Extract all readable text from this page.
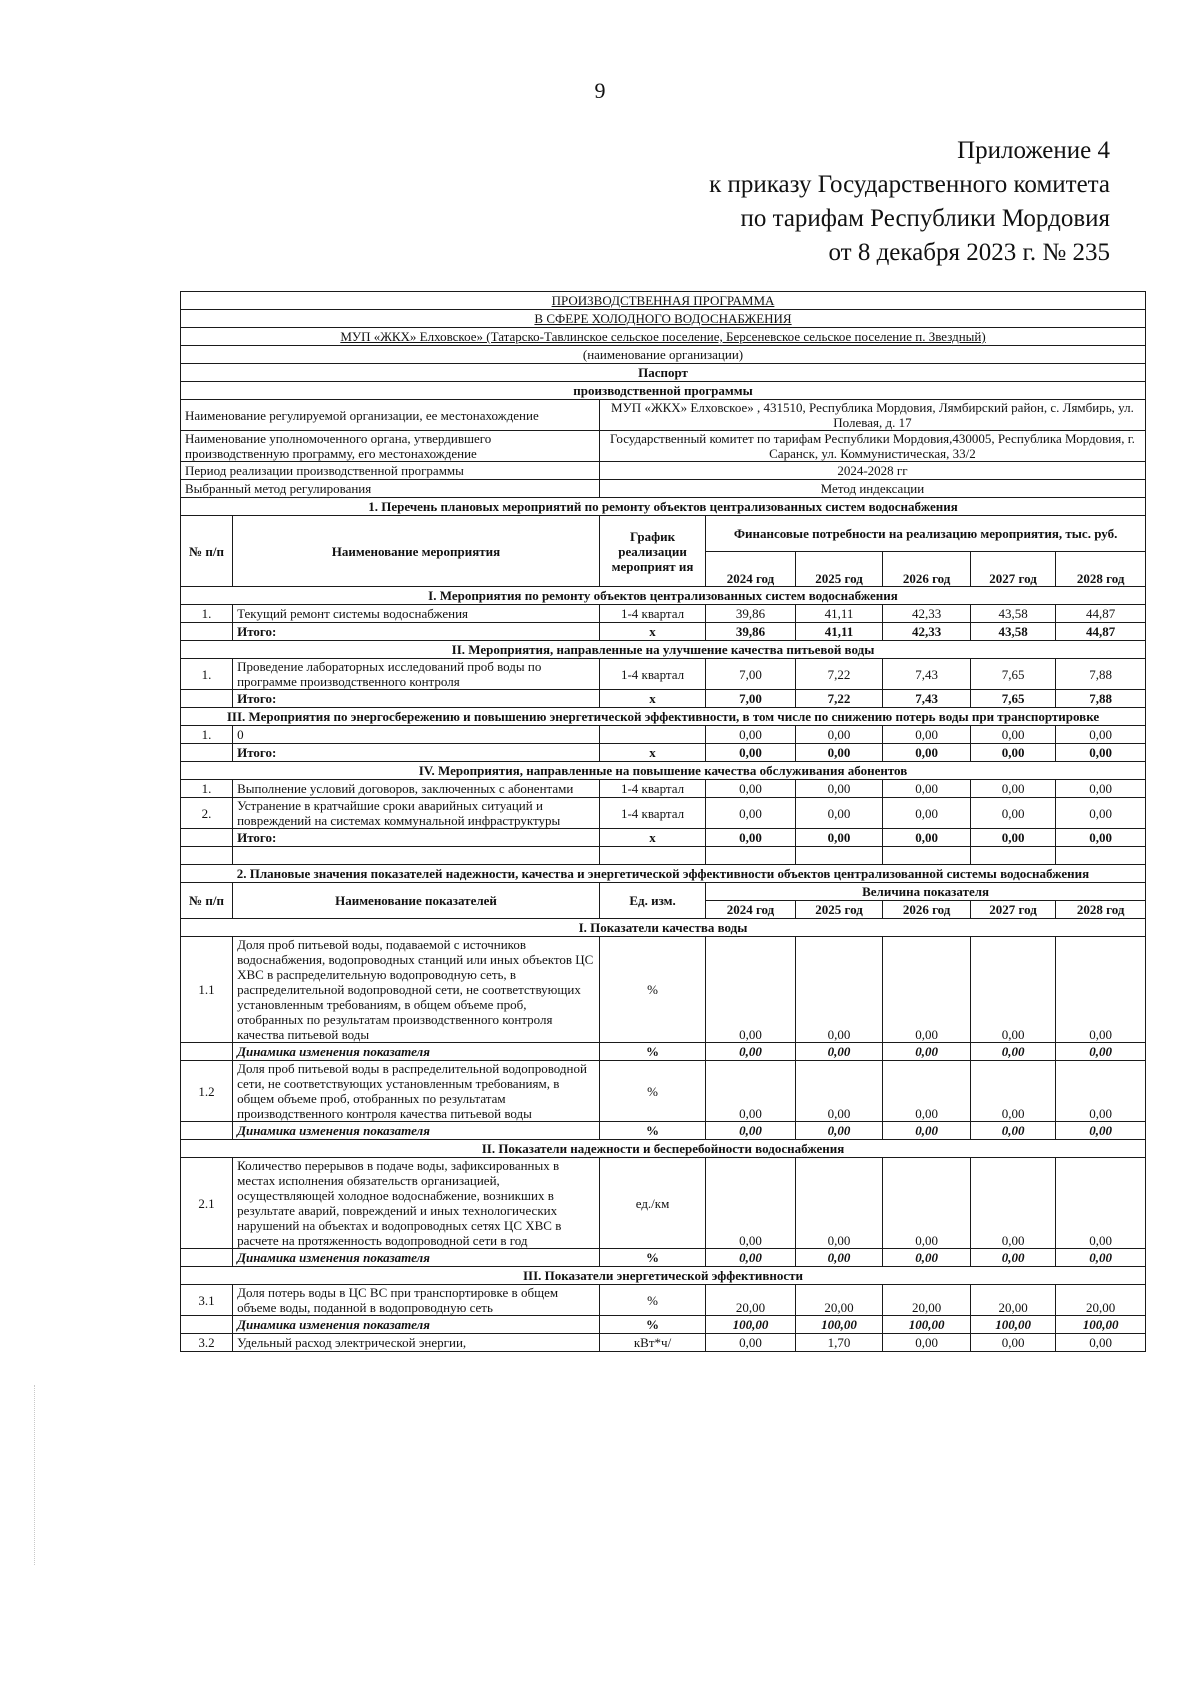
9
Приложение 4
к приказу Государственного комитета
по тарифам Республики Мордовия
от 8 декабря 2023 г. № 235
ПРОИЗВОДСТВЕННАЯ ПРОГРАММА							
В СФЕРЕ ХОЛОДНОГО ВОДОСНАБЖЕНИЯ							
МУП «ЖКХ» Елховское» (Татарско-Тавлинское сельское поселение, Берсеневское сельское поселение п. Звездный)							
(наименование организации)							
Паспорт							
производственной программы							
Наименование регулируемой организации, ее местонахождение		МУП «ЖКХ» Елховское» , 431510, Республика Мордовия, Лямбирский район, с. Лямбирь, ул. Полевая, д. 17					
Наименование уполномоченного органа, утвердившего производственную программу, его местонахождение		Государственный комитет по тарифам Республики Мордовия,430005, Республика Мордовия, г. Саранск, ул. Коммунистическая, 33/2					
Период реализации производственной программы		2024-2028 гг					
Выбранный метод регулирования		Метод индексации					
1. Перечень плановых мероприятий по ремонту объектов централизованных систем водоснабжения							
№ п/п	Наименование мероприятия	График реализации мероприят ия	Финансовые потребности на реализацию мероприятия, тыс. руб.				
			2024 год	2025 год	2026 год	2027 год	2028 год
I. Мероприятия по ремонту объектов централизованных систем водоснабжения							
1.	Текущий ремонт системы водоснабжения	1-4 квартал	39,86	41,11	42,33	43,58	44,87
	Итого:	x	39,86	41,11	42,33	43,58	44,87
II. Мероприятия, направленные на улучшение качества питьевой воды							
1.	Проведение лабораторных исследований проб воды по программе производственного контроля	1-4 квартал	7,00	7,22	7,43	7,65	7,88
	Итого:	x	7,00	7,22	7,43	7,65	7,88
III. Мероприятия по энергосбережению и повышению энергетической эффективности, в том числе по снижению потерь воды при транспортировке							
1.	0		0,00	0,00	0,00	0,00	0,00
	Итого:	x	0,00	0,00	0,00	0,00	0,00
IV. Мероприятия, направленные на повышение качества обслуживания абонентов							
1.	Выполнение условий договоров, заключенных с абонентами	1-4 квартал	0,00	0,00	0,00	0,00	0,00
2.	Устранение в кратчайшие сроки аварийных ситуаций и повреждений на системах коммунальной инфраструктуры	1-4 квартал	0,00	0,00	0,00	0,00	0,00
	Итого:	x	0,00	0,00	0,00	0,00	0,00

2. Плановые значения показателей надежности, качества и энергетической эффективности объектов централизованной системы водоснабжения							
№ п/п	Наименование показателей	Ед. изм.	Величина показателя				
			2024 год	2025 год	2026 год	2027 год	2028 год
I. Показатели качества воды							
1.1	Доля проб питьевой воды, подаваемой с источников водоснабжения, водопроводных станций или иных объектов ЦС ХВС в распределительную водопроводную сеть, в распределительной водопроводной сети, не соответствующих установленным требованиям, в общем объеме проб, отобранных по результатам производственного контроля качества питьевой воды	%	0,00	0,00	0,00	0,00	0,00
	Динамика изменения показателя	%	0,00	0,00	0,00	0,00	0,00
1.2	Доля проб питьевой воды в распределительной водопроводной сети, не соответствующих установленным требованиям, в общем объеме проб, отобранных по результатам производственного контроля качества питьевой воды	%	0,00	0,00	0,00	0,00	0,00
	Динамика изменения показателя	%	0,00	0,00	0,00	0,00	0,00
II. Показатели надежности и бесперебойности водоснабжения							
2.1	Количество перерывов в подаче воды, зафиксированных в местах исполнения обязательств организацией, осуществляющей холодное водоснабжение, возникших в результате аварий, повреждений и иных технологических нарушений на объектах и водопроводных сетях ЦС ХВС в расчете на протяженность водопроводной сети в год	ед./км	0,00	0,00	0,00	0,00	0,00
	Динамика изменения показателя	%	0,00	0,00	0,00	0,00	0,00
III. Показатели энергетической эффективности							
3.1	Доля потерь воды в ЦС ВС при транспортировке в общем объеме воды, поданной в водопроводную сеть	%	20,00	20,00	20,00	20,00	20,00
	Динамика изменения показателя	%	100,00	100,00	100,00	100,00	100,00
3.2	Удельный расход электрической энергии,	кВт*ч/	0,00	1,70	0,00	0,00	0,00
